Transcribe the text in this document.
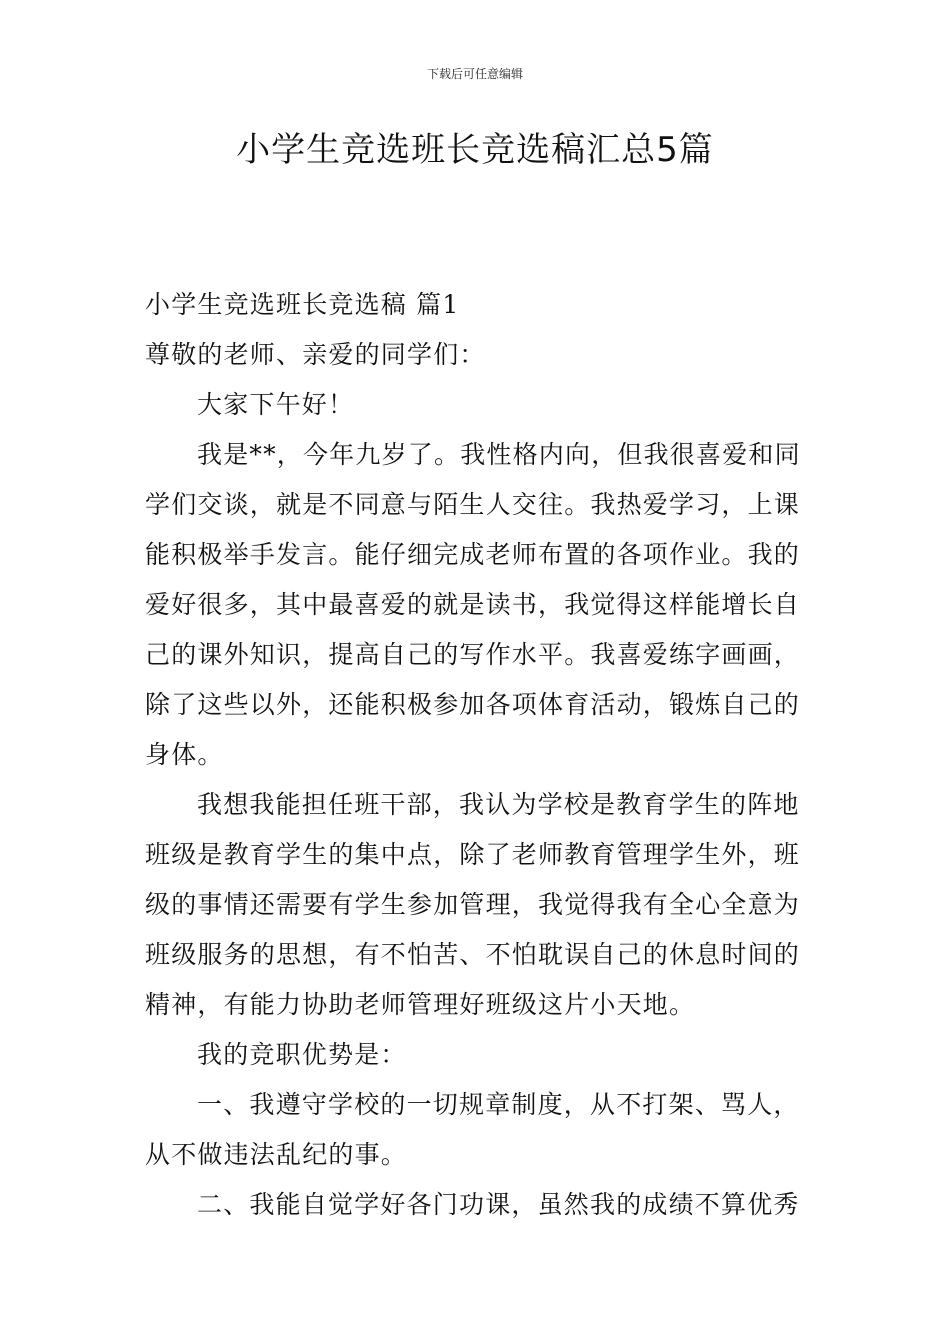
下载后可任意编辑
小学生竞选班长竞选稿汇总5篇

小学生竞选班长竞选稿 篇1

尊敬的老师、亲爱的同学们：

大家下午好！

我是**，今年九岁了。我性格内向，但我很喜爱和同学们交谈，就是不同意与陌生人交往。我热爱学习，上课能积极举手发言。能仔细完成老师布置的各项作业。我的爱好很多，其中最喜爱的就是读书，我觉得这样能增长自己的课外知识，提高自己的写作水平。我喜爱练字画画，除了这些以外，还能积极参加各项体育活动，锻炼自己的身体。

我想我能担任班干部，我认为学校是教育学生的阵地班级是教育学生的集中点，除了老师教育管理学生外，班级的事情还需要有学生参加管理，我觉得我有全心全意为班级服务的思想，有不怕苦、不怕耽误自己的休息时间的精神，有能力协助老师管理好班级这片小天地。

我的竞职优势是：

一、我遵守学校的一切规章制度，从不打架、骂人，从不做违法乱纪的事。

二、我能自觉学好各门功课，虽然我的成绩不算优秀
